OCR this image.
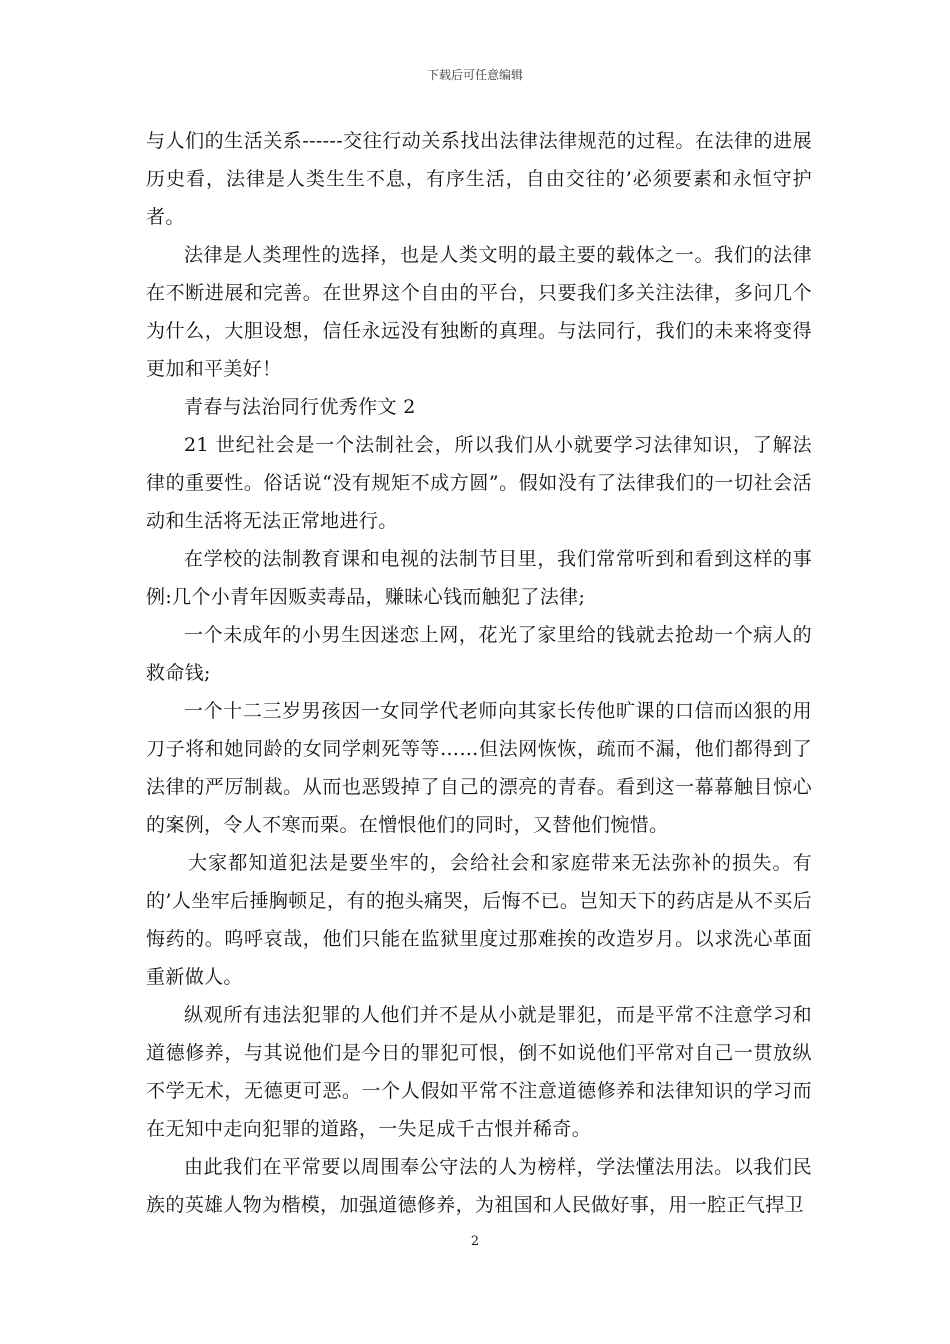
下载后可任意编辑

与人们的生活关系------交往行动关系找出法律法律规范的过程。在法律的进展历史看，法律是人类生生不息，有序生活，自由交往的’必须要素和永恒守护者。

法律是人类理性的选择，也是人类文明的最主要的载体之一。我们的法律在不断进展和完善。在世界这个自由的平台，只要我们多关注法律，多问几个为什么，大胆设想，信任永远没有独断的真理。与法同行，我们的未来将变得更加和平美好！

青春与法治同行优秀作文 2

21 世纪社会是一个法制社会，所以我们从小就要学习法律知识，了解法律的重要性。俗话说“没有规矩不成方圆”。假如没有了法律我们的一切社会活动和生活将无法正常地进行。

在学校的法制教育课和电视的法制节目里，我们常常听到和看到这样的事例:几个小青年因贩卖毒品，赚昧心钱而触犯了法律;

一个未成年的小男生因迷恋上网，花光了家里给的钱就去抢劫一个病人的救命钱;

一个十二三岁男孩因一女同学代老师向其家长传他旷课的口信而凶狠的用刀子将和她同龄的女同学刺死等等……但法网恢恢，疏而不漏，他们都得到了法律的严厉制裁。从而也恶毁掉了自己的漂亮的青春。看到这一幕幕触目惊心的案例，令人不寒而栗。在憎恨他们的同时，又替他们惋惜。

大家都知道犯法是要坐牢的，会给社会和家庭带来无法弥补的损失。有的’人坐牢后捶胸顿足，有的抱头痛哭，后悔不已。岂知天下的药店是从不买后悔药的。呜呼哀哉，他们只能在监狱里度过那难挨的改造岁月。以求洗心革面重新做人。

纵观所有违法犯罪的人他们并不是从小就是罪犯，而是平常不注意学习和道德修养，与其说他们是今日的罪犯可恨，倒不如说他们平常对自己一贯放纵不学无术，无德更可恶。一个人假如平常不注意道德修养和法律知识的学习而在无知中走向犯罪的道路，一失足成千古恨并稀奇。

由此我们在平常要以周围奉公守法的人为榜样，学法懂法用法。以我们民族的英雄人物为楷模，加强道德修养，为祖国和人民做好事，用一腔正气捍卫

2
